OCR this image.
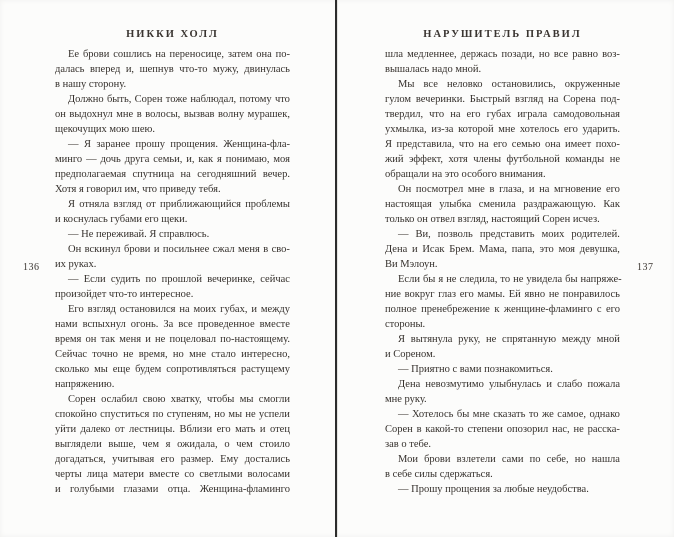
НИККИ ХОЛЛ
Ее брови сошлись на переносице, затем она по-
далась вперед и, шепнув что-то мужу, двинулась
в нашу сторону.
Должно быть, Сорен тоже наблюдал, потому что
он выдохнул мне в волосы, вызвав волну мурашек,
щекочущих мою шею.
— Я заранее прошу прощения. Женщина-фла-
минго — дочь друга семьи, и, как я понимаю, моя
предполагаемая спутница на сегодняшний вечер.
Хотя я говорил им, что приведу тебя.
Я отняла взгляд от приближающийся проблемы
и коснулась губами его щеки.
— Не переживай. Я справлюсь.
Он вскинул брови и посильнее сжал меня в сво-
их руках.
— Если судить по прошлой вечеринке, сейчас
произойдет что-то интересное.
Его взгляд остановился на моих губах, и между
нами вспыхнул огонь. За все проведенное вместе
время он так меня и не поцеловал по-настоящему.
Сейчас точно не время, но мне стало интересно,
сколько мы еще будем сопротивляться растущему
напряжению.
Сорен ослабил свою хватку, чтобы мы смогли
спокойно спуститься по ступеням, но мы не успели
уйти далеко от лестницы. Вблизи его мать и отец
выглядели выше, чем я ожидала, о чем стоило
догадаться, учитывая его размер. Ему достались
черты лица матери вместе со светлыми волосами
и голубыми глазами отца. Женщина-фламинго
136
НАРУШИТЕЛЬ ПРАВИЛ
шла медленнее, держась позади, но все равно воз-
вышалась надо мной.
Мы все неловко остановились, окруженные
гулом вечеринки. Быстрый взгляд на Сорена под-
твердил, что на его губах играла самодовольная
ухмылка, из-за которой мне хотелось его ударить.
Я представила, что на его семью она имеет похо-
жий эффект, хотя члены футбольной команды не
обращали на это особого внимания.
Он посмотрел мне в глаза, и на мгновение его
настоящая улыбка сменила раздражающую. Как
только он отвел взгляд, настоящий Сорен исчез.
— Ви, позволь представить моих родителей.
Дена и Исак Брем. Мама, папа, это моя девушка,
Ви Мэлоун.
Если бы я не следила, то не увидела бы напряже-
ние вокруг глаз его мамы. Ей явно не понравилось
полное пренебрежение к женщине-фламинго с его
стороны.
Я вытянула руку, не спрятанную между мной
и Сореном.
— Приятно с вами познакомиться.
Дена невозмутимо улыбнулась и слабо пожала
мне руку.
— Хотелось бы мне сказать то же самое, однако
Сорен в какой-то степени опозорил нас, не расска-
зав о тебе.
Мои брови взлетели сами по себе, но нашла
в себе силы сдержаться.
— Прошу прощения за любые неудобства.
137
